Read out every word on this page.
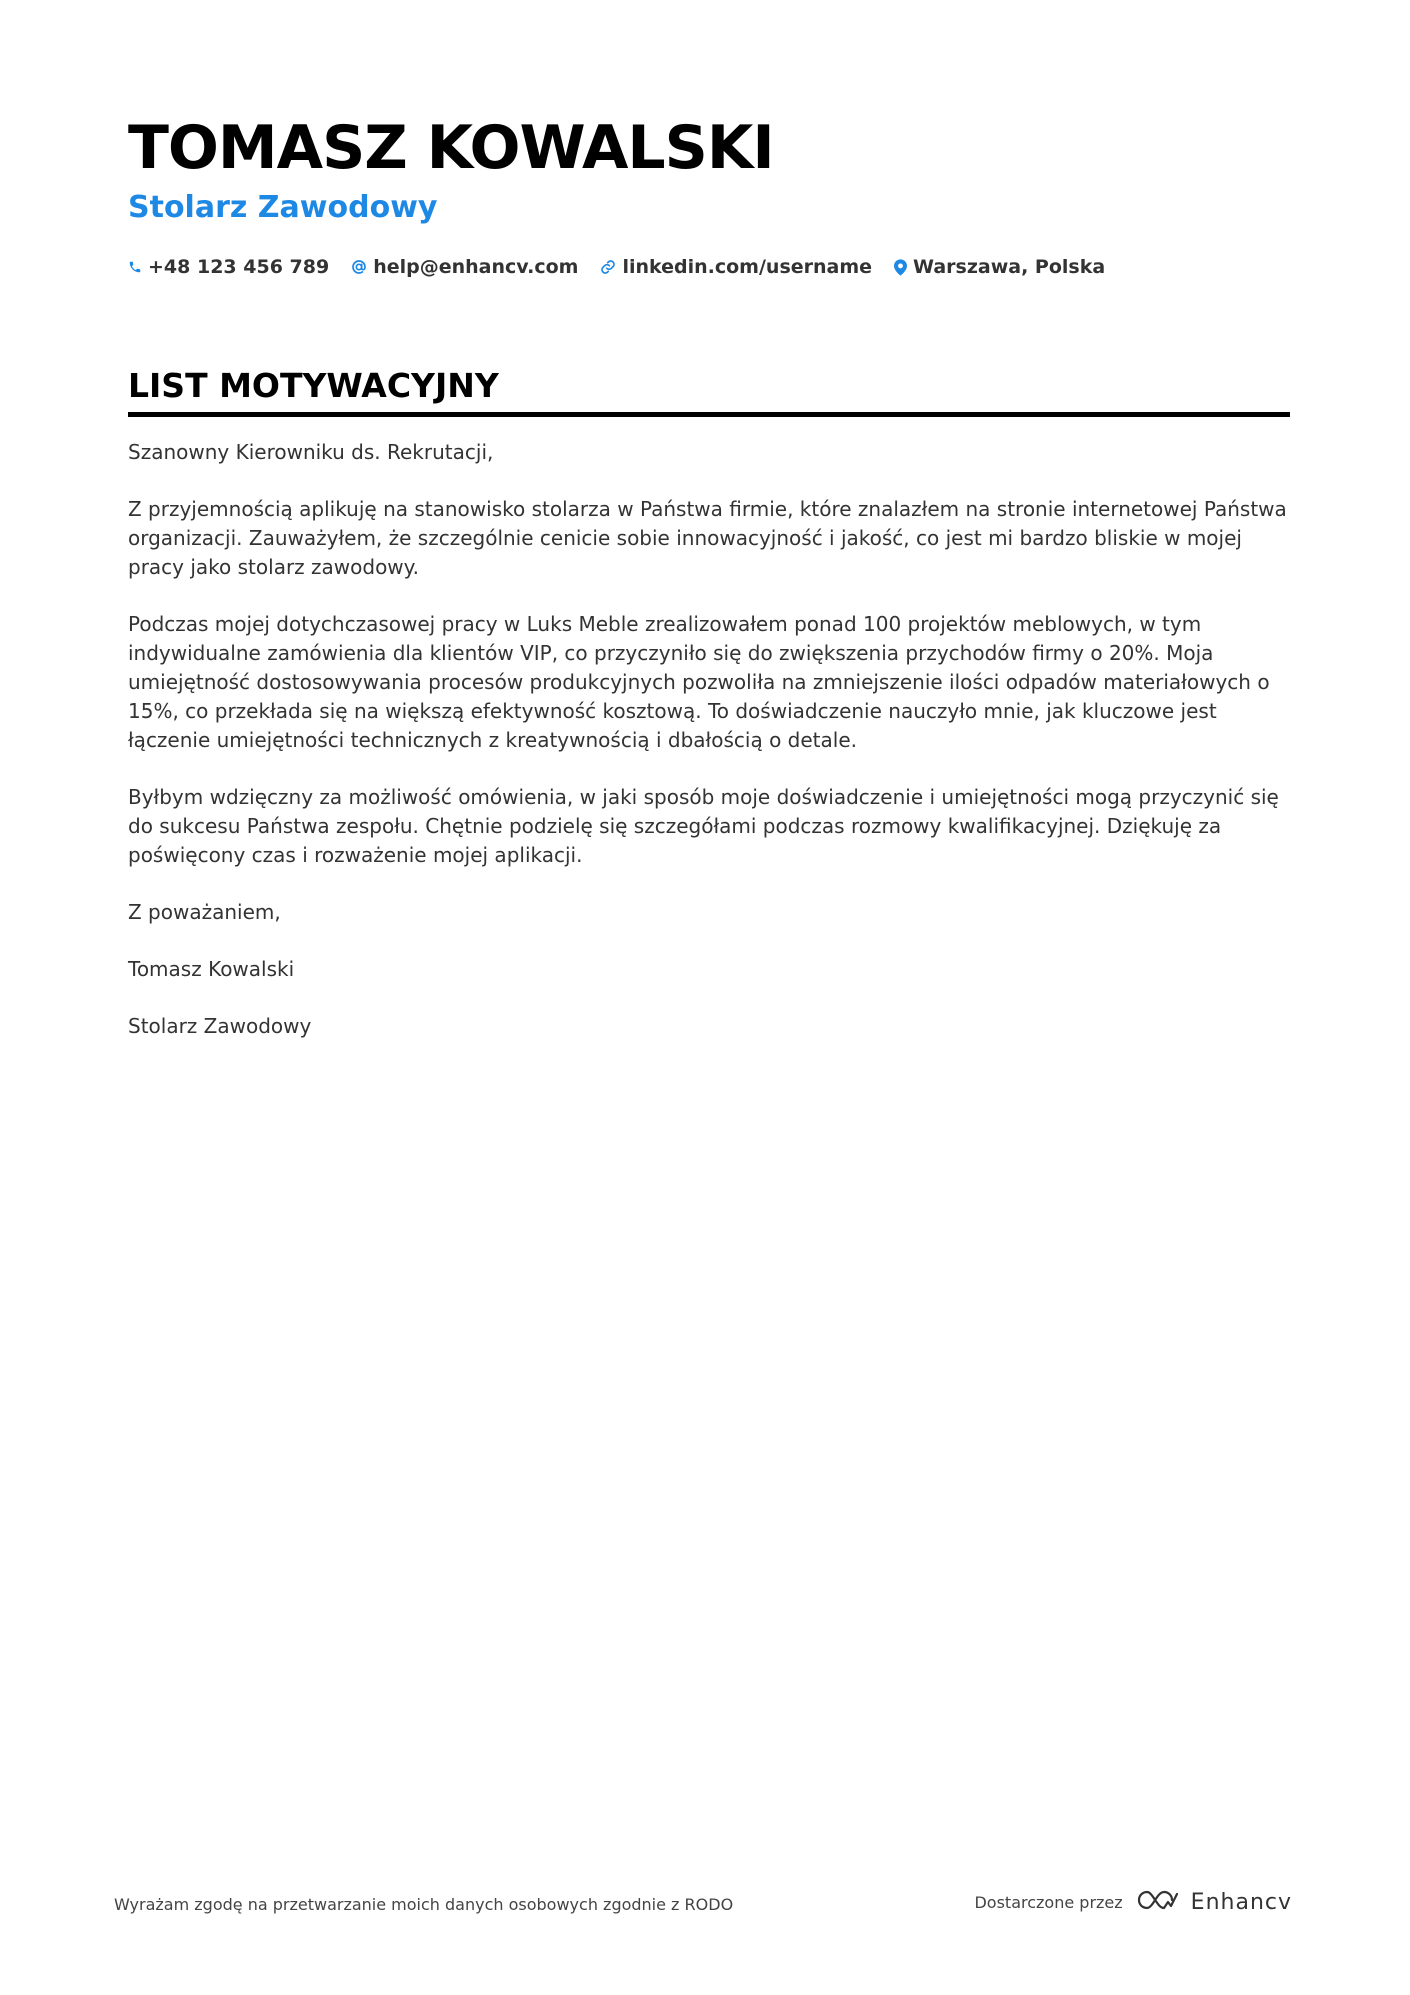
TOMASZ KOWALSKI
Stolarz Zawodowy
+48 123 456 789 help@enhancv.com linkedin.com/username Warszawa, Polska
LIST MOTYWACYJNY

Szanowny Kierowniku ds. Rekrutacji,

Z przyjemnością aplikuję na stanowisko stolarza w Państwa firmie, które znalazłem na stronie internetowej Państwa organizacji. Zauważyłem, że szczególnie cenicie sobie innowacyjność i jakość, co jest mi bardzo bliskie w mojej pracy jako stolarz zawodowy.

Podczas mojej dotychczasowej pracy w Luks Meble zrealizowałem ponad 100 projektów meblowych, w tym indywidualne zamówienia dla klientów VIP, co przyczyniło się do zwiększenia przychodów firmy o 20%. Moja umiejętność dostosowywania procesów produkcyjnych pozwoliła na zmniejszenie ilości odpadów materiałowych o 15%, co przekłada się na większą efektywność kosztową. To doświadczenie nauczyło mnie, jak kluczowe jest łączenie umiejętności technicznych z kreatywnością i dbałością o detale.

Byłbym wdzięczny za możliwość omówienia, w jaki sposób moje doświadczenie i umiejętności mogą przyczynić się do sukcesu Państwa zespołu. Chętnie podzielę się szczegółami podczas rozmowy kwalifikacyjnej. Dziękuję za poświęcony czas i rozważenie mojej aplikacji.

Z poważaniem,

Tomasz Kowalski

Stolarz Zawodowy

Wyrażam zgodę na przetwarzanie moich danych osobowych zgodnie z RODO	Dostarczone przez	Enhancv
